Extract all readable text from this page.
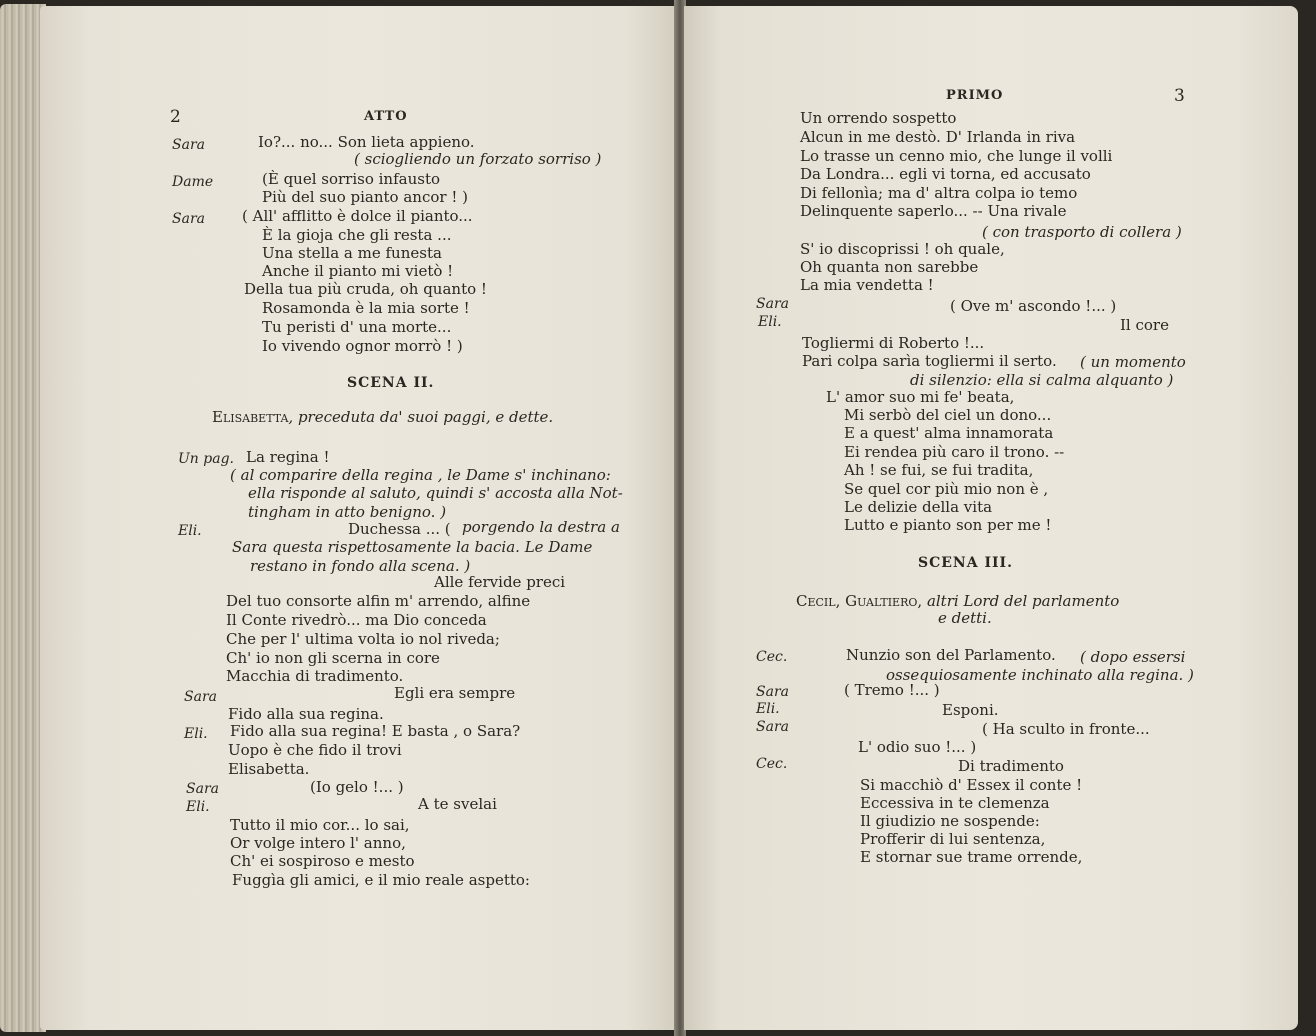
2	ATTO
Sara	Io?... no... Son lieta appieno.
( sciogliendo un forzato sorriso )
Dame	(È quel sorriso infausto
Più del suo pianto ancor ! )
Sara ( All' afflitto è dolce il pianto...
È la gioja che gli resta ...
Una stella a me funesta
Anche il pianto mi vietò !
Della tua più cruda, oh quanto !
Rosamonda è la mia sorte !
Tu peristi d' una morte...
Io vivendo ognor morrò ! )
SCENA II.
Elisabetta, preceduta da' suoi paggi, e dette.
Un pag. La regina !
( al comparire della regina , le Dame s' inchinano:
ella risponde al saluto, quindi s' accosta alla Not-
tingham in atto benigno. )
Eli.	Duchessa ... ( porgendo la destra a
Sara questa rispettosamente la bacia. Le Dame
restano in fondo alla scena. )
Alle fervide preci
Del tuo consorte alfin m' arrendo, alfine
Il Conte rivedrò... ma Dio conceda
Che per l' ultima volta io nol riveda;
Ch' io non gli scerna in core
Macchia di tradimento.
Sara	Egli era sempre
Fido alla sua regina.
Eli. Fido alla sua regina! E basta , o Sara?
Uopo è che fido il trovi
Elisabetta.
Sara	(Io gelo !... )
Eli.	A te svelai
Tutto il mio cor... lo sai,
Or volge intero l' anno,
Ch' ei sospiroso e mesto
Fuggìa gli amici, e il mio reale aspetto:
PRIMO	3
Un orrendo sospetto
Alcun in me destò. D' Irlanda in riva
Lo trasse un cenno mio, che lunge il volli
Da Londra... egli vi torna, ed accusato
Di fellonìa; ma d' altra colpa io temo
Delinquente saperlo... -- Una rivale
( con trasporto di collera )
S' io discoprissi ! oh quale,
Oh quanta non sarebbe
La mia vendetta !
Sara	( Ove m' ascondo !... )
Eli.	Il core
Togliermi di Roberto !...
Pari colpa sarìa togliermi il serto. ( un momento
di silenzio: ella si calma alquanto )
L' amor suo mi fe' beata,
Mi serbò del ciel un dono...
E a quest' alma innamorata
Ei rendea più caro il trono. --
Ah ! se fui, se fui tradita,
Se quel cor più mio non è ,
Le delizie della vita
Lutto e pianto son per me !
SCENA III.
Cecil, Gualtiero, altri Lord del parlamento
e detti.
Cec.	Nunzio son del Parlamento. ( dopo essersi
ossequiosamente inchinato alla regina. )
Sara	( Tremo !... )
Eli.	Esponi.
Sara	( Ha sculto in fronte...
L' odio suo !... )
Cec.	Di tradimento
Si macchiò d' Essex il conte !
Eccessiva in te clemenza
Il giudizio ne sospende:
Profferir di lui sentenza,
E stornar sue trame orrende,
